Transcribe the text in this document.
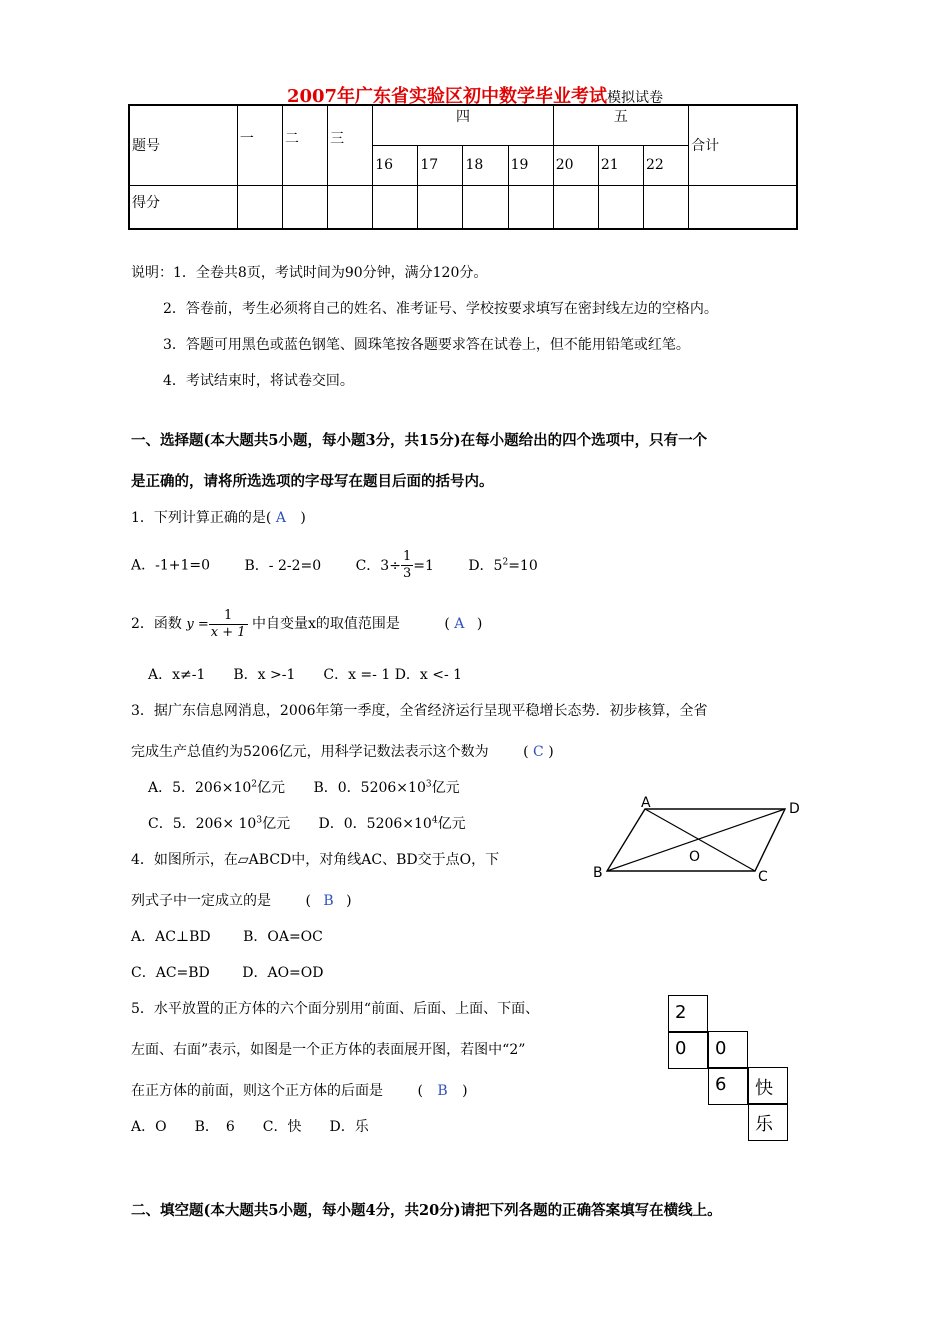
2007年广东省实验区初中数学毕业考试模拟试卷
题号	一	二	三	四				五			合计
				16	17	18	19	20	21	22	
得分											
说明：1．全卷共8页，考试时间为90分钟，满分120分。
2．答卷前，考生必须将自己的姓名、准考证号、学校按要求填写在密封线左边的空格内。
3．答题可用黑色或蓝色钢笔、圆珠笔按各题要求答在试卷上，但不能用铅笔或红笔。
4．考试结束时，将试卷交回。
一、选择题(本大题共5小题，每小题3分，共15分)在每小题给出的四个选项中，只有一个
是正确的，请将所选选项的字母写在题目后面的括号内。
1．下列计算正确的是( A )
A．-1+1=0 B．- 2-2=0 C．$3\div \frac{1}{3} =1$ D．$5^2=10$
2．函数 $y = \frac{1}{x + 1}$ 中自变量x的取值范围是	( A )
A．x≠-1　　B．x >-1　　C．x =- 1 D．x <- 1
3．据广东信息网消息，2006年第一季度，全省经济运行呈现平稳增长态势．初步核算，全省
完成生产总值约为5206亿元，用科学记数法表示这个数为 ( C )
A．5．$206\times 10^2$亿元 B．0．$5206\times 10^3$亿元
C．5．$206\times 10^3$亿元 D．0．$5206\times 10^4$亿元
A	D
B	C
O
4．如图所示，在▱ABCD中，对角线AC、BD交于点O，下
列式子中一定成立的是 ( B )
A．AC⊥BD B．OA=OC
C．AC=BD D．AO=OD
5．水平放置的正方体的六个面分别用“前面、后面、上面、下面、
左面、右面”表示，如图是一个正方体的表面展开图，若图中“2”
在正方体的前面，则这个正方体的后面是 ( B )
A．O　　B．　6　　C．快　　D．乐
2
0 0
6 快
乐
二、填空题(本大题共5小题，每小题4分，共20分)请把下列各题的正确答案填写在横线上。
